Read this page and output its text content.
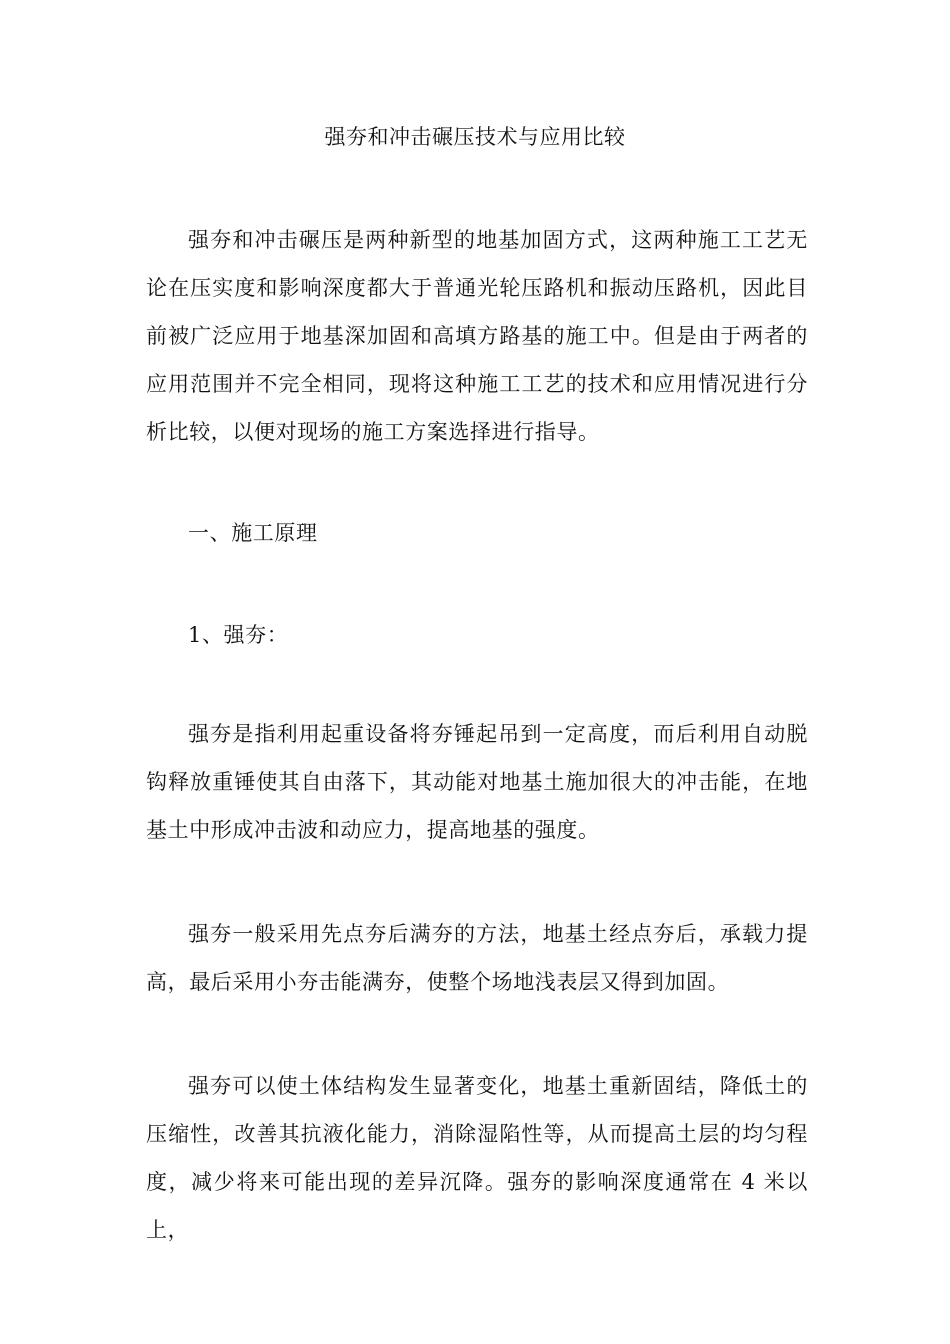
强夯和冲击碾压技术与应用比较

强夯和冲击碾压是两种新型的地基加固方式，这两种施工工艺无论在压实度和影响深度都大于普通光轮压路机和振动压路机，因此目前被广泛应用于地基深加固和高填方路基的施工中。但是由于两者的应用范围并不完全相同，现将这种施工工艺的技术和应用情况进行分析比较，以便对现场的施工方案选择进行指导。

一、施工原理

1、强夯：

强夯是指利用起重设备将夯锤起吊到一定高度，而后利用自动脱钩释放重锤使其自由落下，其动能对地基土施加很大的冲击能，在地基土中形成冲击波和动应力，提高地基的强度。

强夯一般采用先点夯后满夯的方法，地基土经点夯后，承载力提高，最后采用小夯击能满夯，使整个场地浅表层又得到加固。

强夯可以使土体结构发生显著变化，地基土重新固结，降低土的压缩性，改善其抗液化能力，消除湿陷性等，从而提高土层的均匀程度，减少将来可能出现的差异沉降。强夯的影响深度通常在 4 米以上，
